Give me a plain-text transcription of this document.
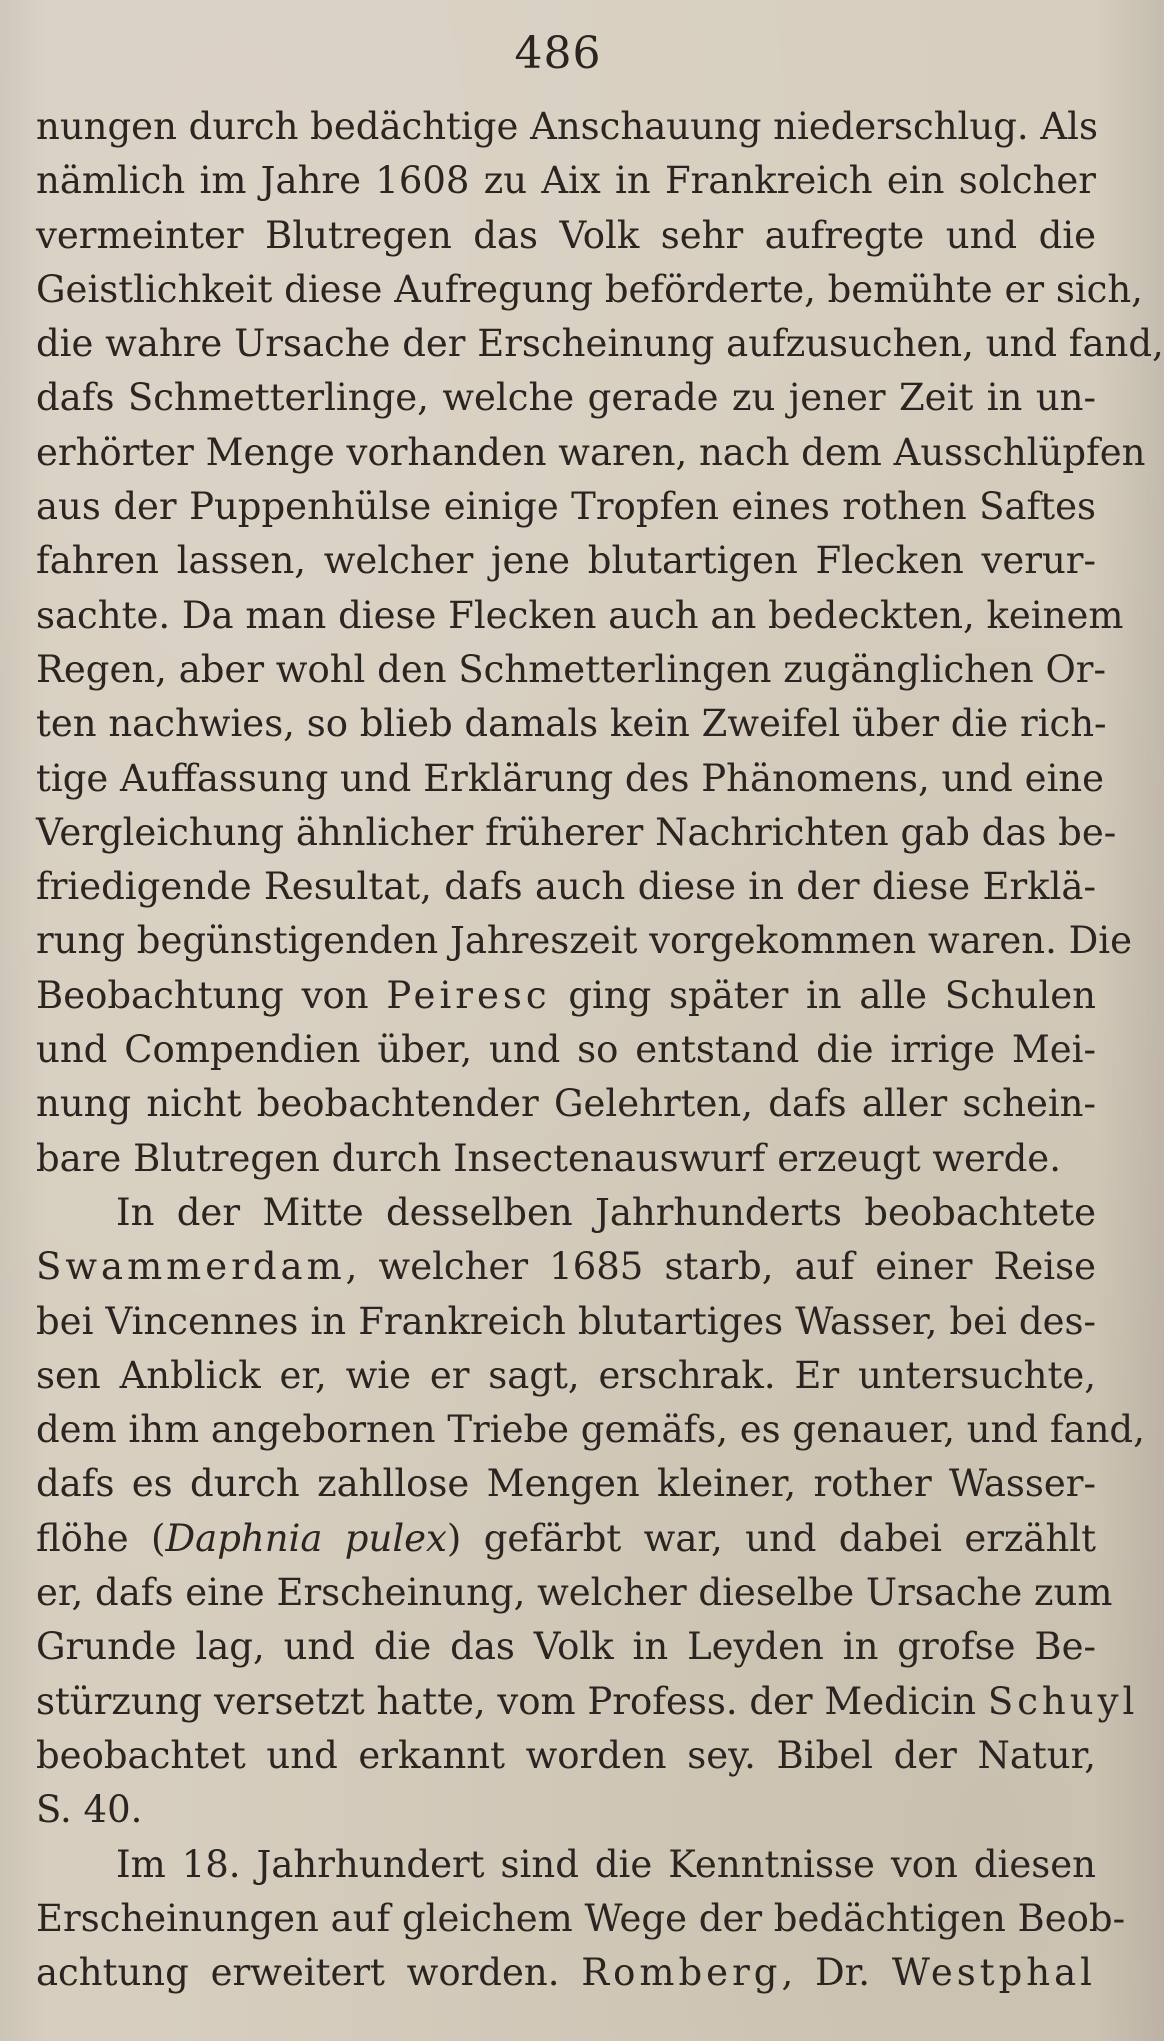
486
nungen durch bedächtige Anschauung niederschlug. Als
nämlich im Jahre 1608 zu Aix in Frankreich ein solcher
vermeinter Blutregen das Volk sehr aufregte und die
Geistlichkeit diese Aufregung beförderte, bemühte er sich,
die wahre Ursache der Erscheinung aufzusuchen, und fand,
dafs Schmetterlinge, welche gerade zu jener Zeit in un-
erhörter Menge vorhanden waren, nach dem Ausschlüpfen
aus der Puppenhülse einige Tropfen eines rothen Saftes
fahren lassen, welcher jene blutartigen Flecken verur-
sachte. Da man diese Flecken auch an bedeckten, keinem
Regen, aber wohl den Schmetterlingen zugänglichen Or-
ten nachwies, so blieb damals kein Zweifel über die rich-
tige Auffassung und Erklärung des Phänomens, und eine
Vergleichung ähnlicher früherer Nachrichten gab das be-
friedigende Resultat, dafs auch diese in der diese Erklä-
rung begünstigenden Jahreszeit vorgekommen waren. Die
Beobachtung von Peiresc ging später in alle Schulen
und Compendien über, und so entstand die irrige Mei-
nung nicht beobachtender Gelehrten, dafs aller schein-
bare Blutregen durch Insectenauswurf erzeugt werde.
In der Mitte desselben Jahrhunderts beobachtete
Swammerdam, welcher 1685 starb, auf einer Reise
bei Vincennes in Frankreich blutartiges Wasser, bei des-
sen Anblick er, wie er sagt, erschrak. Er untersuchte,
dem ihm angebornen Triebe gemäfs, es genauer, und fand,
dafs es durch zahllose Mengen kleiner, rother Wasser-
flöhe (Daphnia pulex) gefärbt war, und dabei erzählt
er, dafs eine Erscheinung, welcher dieselbe Ursache zum
Grunde lag, und die das Volk in Leyden in grofse Be-
stürzung versetzt hatte, vom Profess. der Medicin Schuyl
beobachtet und erkannt worden sey. Bibel der Natur,
S. 40.
Im 18. Jahrhundert sind die Kenntnisse von diesen
Erscheinungen auf gleichem Wege der bedächtigen Beob-
achtung erweitert worden. Romberg, Dr. Westphal
